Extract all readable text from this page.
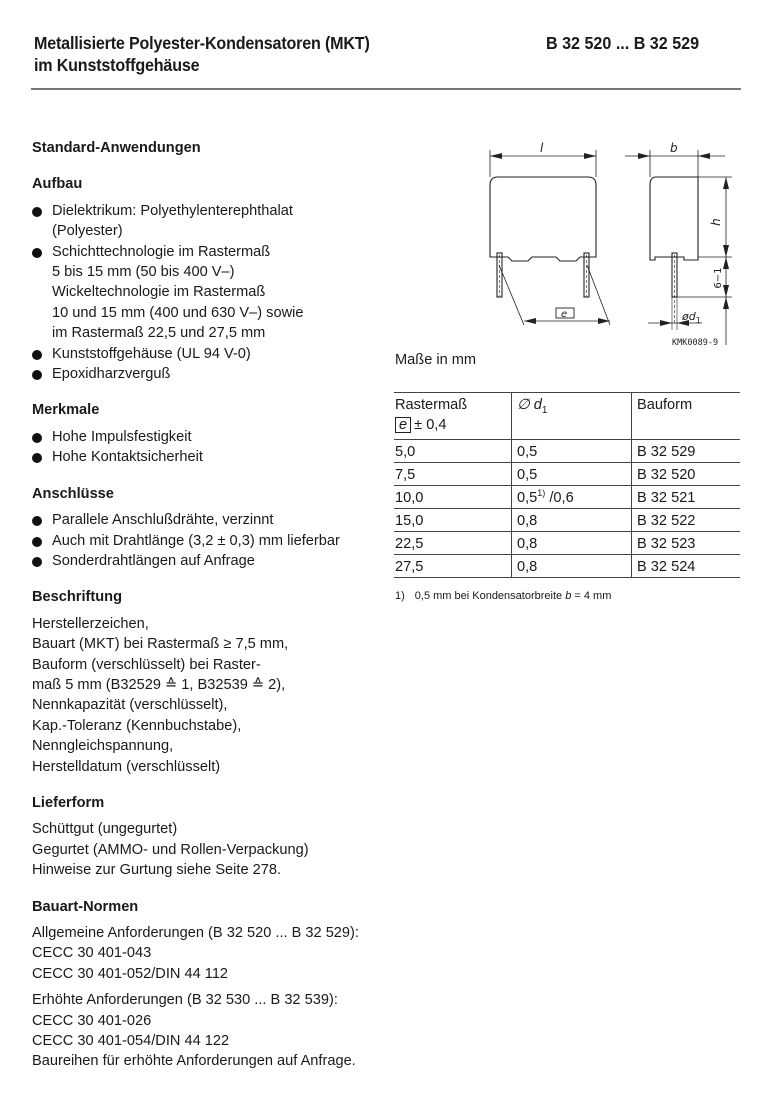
Metallisierte Polyester-Kondensatoren (MKT)
im Kunststoffgehäuse
B 32 520 ... B 32 529

Standard-Anwendungen

Aufbau

Dielektrikum: Polyethylenterephthalat
(Polyester)
Schichttechnologie im Rastermaß
5 bis 15 mm (50 bis 400 V–)
Wickeltechnologie im Rastermaß
10 und 15 mm (400 und 630 V–) sowie
im Rastermaß 22,5 und 27,5 mm
Kunststoffgehäuse (UL 94 V-0)
Epoxidharzverguß

Merkmale

Hohe Impulsfestigkeit
Hohe Kontaktsicherheit

Anschlüsse

Parallele Anschlußdrähte, verzinnt
Auch mit Drahtlänge (3,2 ± 0,3) mm lieferbar
Sonderdrahtlängen auf Anfrage

Beschriftung

Herstellerzeichen,
Bauart (MKT) bei Rastermaß ≥ 7,5 mm,
Bauform (verschlüsselt) bei Raster-
maß 5 mm (B32529 ≙ 1, B32539 ≙ 2),
Nennkapazität (verschlüsselt),
Kap.-Toleranz (Kennbuchstabe),
Nenngleichspannung,
Herstelldatum (verschlüsselt)

Lieferform

Schüttgut (ungegurtet)
Gegurtet (AMMO- und Rollen-Verpackung)
Hinweise zur Gurtung siehe Seite 278.

Bauart-Normen

Allgemeine Anforderungen (B 32 520 ... B 32 529):
CECC 30 401-043
CECC 30 401-052/DIN 44 112
Erhöhte Anforderungen (B 32 530 ... B 32 539):
CECC 30 401-026
CECC 30 401-054/DIN 44 122
Baureihen für erhöhte Anforderungen auf Anfrage.
l	b
h
e
6−1
$ød_1$
KMK0089-9
Maße in mm
Rastermaß
e ± 0,4	∅ $d_1$	Bauform
5,0	0,5	B 32 529
7,5	0,5	B 32 520
10,0	0,5$^{1)}$ /0,6	B 32 521
15,0	0,8	B 32 522
22,5	0,8	B 32 523
27,5	0,8	B 32 524
1) 0,5 mm bei Kondensatorbreite b = 4 mm
